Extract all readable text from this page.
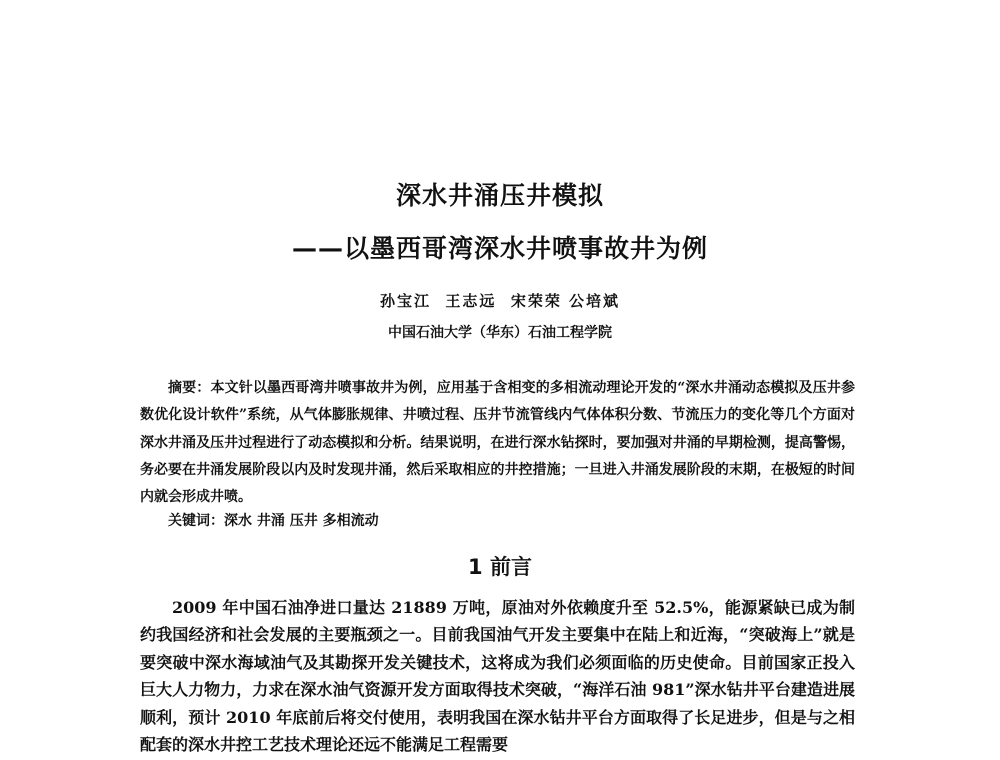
深水井涌压井模拟
——以墨西哥湾深水井喷事故井为例
孙宝江  王志远  宋荣荣 公培斌
中国石油大学（华东）石油工程学院

摘要：本文针以墨西哥湾井喷事故井为例，应用基于含相变的多相流动理论开发的“深水井涌动态模拟及压井参数优化设计软件”系统，从气体膨胀规律、井喷过程、压井节流管线内气体体积分数、节流压力的变化等几个方面对深水井涌及压井过程进行了动态模拟和分析。结果说明，在进行深水钻探时，要加强对井涌的早期检测，提高警惕，务必要在井涌发展阶段以内及时发现井涌，然后采取相应的井控措施；一旦进入井涌发展阶段的末期，在极短的时间内就会形成井喷。

关键词：深水 井涌 压井 多相流动
1 前言

2009 年中国石油净进口量达 21889 万吨，原油对外依赖度升至 52.5%，能源紧缺已成为制约我国经济和社会发展的主要瓶颈之一。目前我国油气开发主要集中在陆上和近海，“突破海上”就是要突破中深水海域油气及其勘探开发关键技术，这将成为我们必须面临的历史使命。目前国家正投入巨大人力物力，力求在深水油气资源开发方面取得技术突破，“海洋石油 981”深水钻井平台建造进展顺利，预计 2010 年底前后将交付使用，表明我国在深水钻井平台方面取得了长足进步，但是与之相配套的深水井控工艺技术理论还远不能满足工程需要
